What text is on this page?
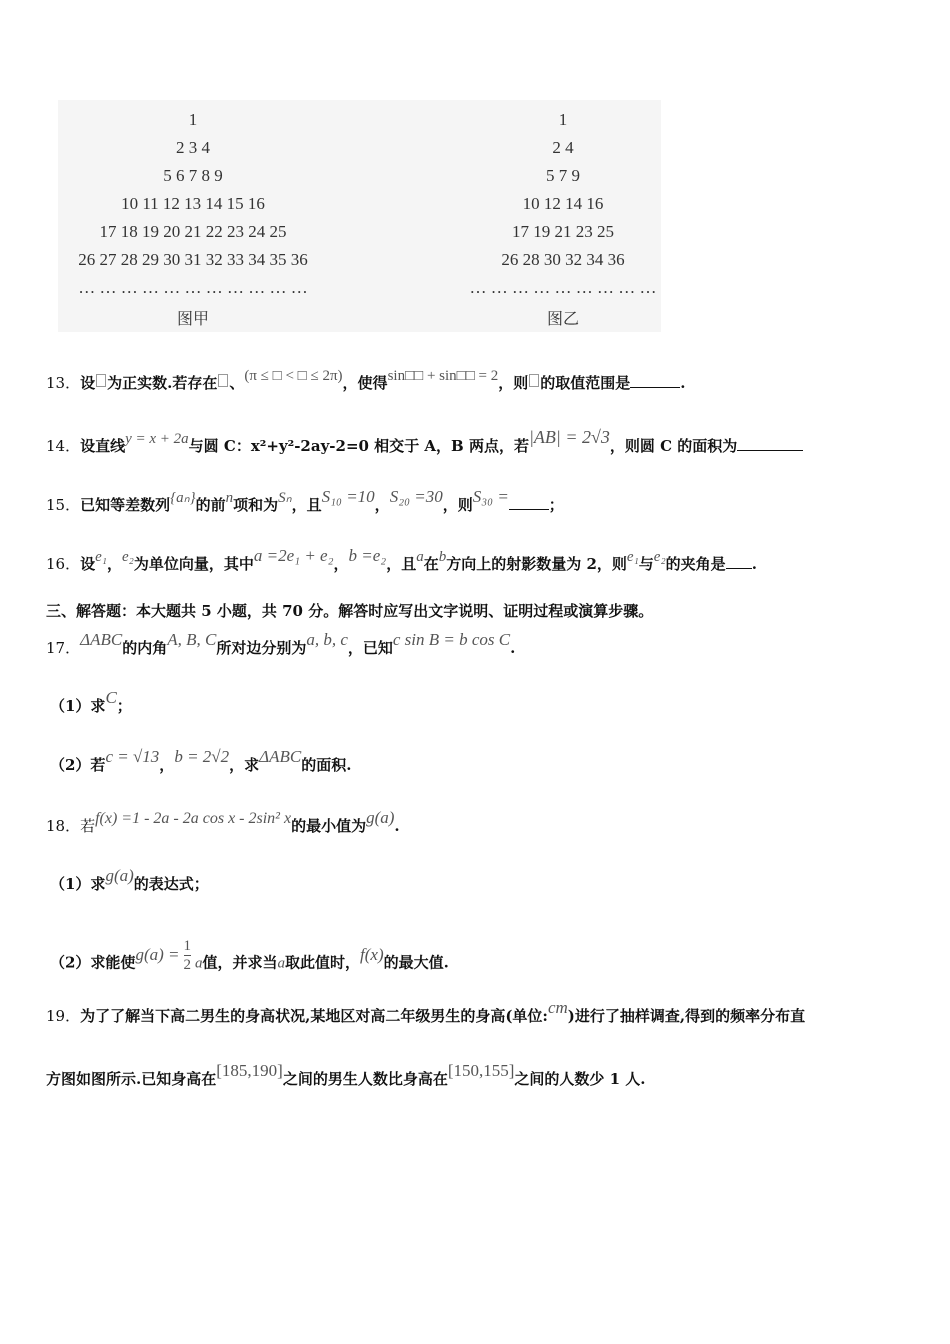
1
2 3 4
5 6 7 8 9
10 11 12 13 14 15 16
17 18 19 20 21 22 23 24 25
26 27 28 29 30 31 32 33 34 35 36
… … … … … … … … … … …
图甲
1
2 4
5 7 9
10 12 14 16
17 19 21 23 25
26 28 30 32 34 36
… … … … … … … … …
图乙
13．设 为正实数.若存在 、(π ≤ □ < □ ≤ 2π)，使得sin□□ + sin□□ = 2，则 的取值范围是	.
14．设直线y = x + 2a与圆 C：x²+y²-2ay-2=0 相交于 A，B 两点，若|AB| = 2√3，则圆 C 的面积为
15．已知等差数列{aₙ}的前n项和为Sₙ，且S₁₀ =10，S₂₀ =30，则S₃₀ =	；
16．设e₁，e₂为单位向量，其中a =2e₁ + e₂，b =e₂，且a在b方向上的射影数量为 2，则e₁与e₂的夹角是 .
三、解答题：本大题共 5 小题，共 70 分。解答时应写出文字说明、证明过程或演算步骤。
17．ΔABC的内角A, B, C所对边分别为a, b, c，已知c sin B = b cos C.
（1）求C；
（2）若c = √13，b = 2√2，求ΔABC的面积.
18．若f(x) =1 - 2a - 2a cos x - 2sin² x的最小值为g(a).
（1）求g(a)的表达式；
（2）求能使$g(a) = \frac{1}{2}$ a值，并求当a取此值时，f(x)的最大值.
19．为了了解当下高二男生的身高状况,某地区对高二年级男生的身高(单位:cm)进行了抽样调查,得到的频率分布直
方图如图所示.已知身高在[185,190]之间的男生人数比身高在[150,155]之间的人数少 1 人.
